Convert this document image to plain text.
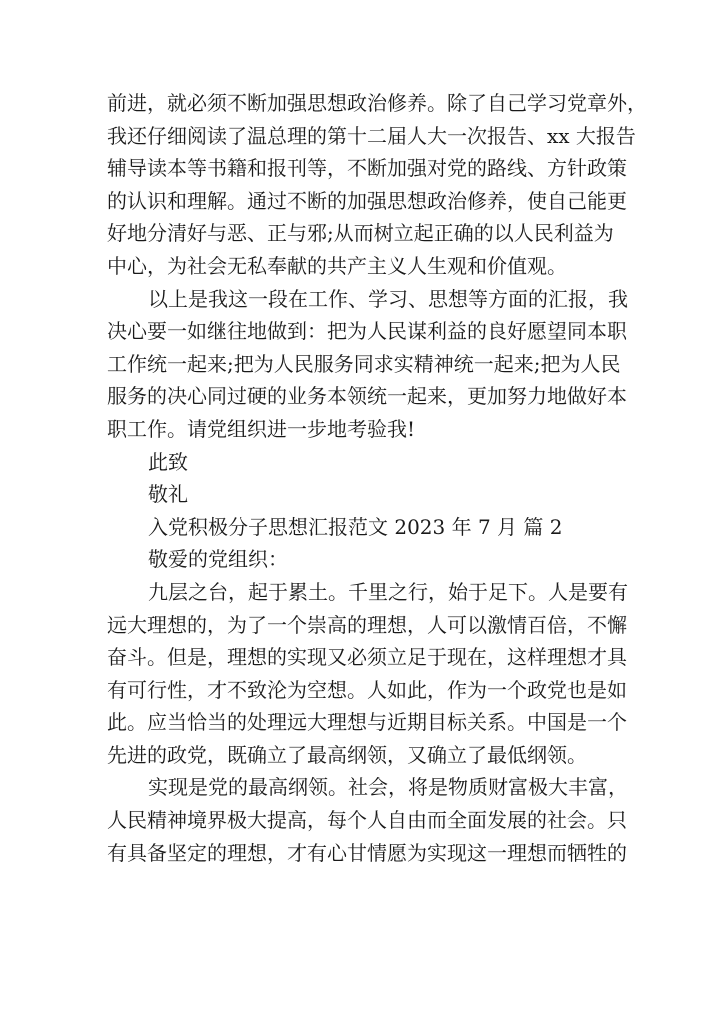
前进，就必须不断加强思想政治修养。除了自己学习党章外，
我还仔细阅读了温总理的第十二届人大一次报告、xx 大报告
辅导读本等书籍和报刊等，不断加强对党的路线、方针政策
的认识和理解。通过不断的加强思想政治修养，使自己能更
好地分清好与恶、正与邪;从而树立起正确的以人民利益为
中心，为社会无私奉献的共产主义人生观和价值观。
以上是我这一段在工作、学习、思想等方面的汇报，我
决心要一如继往地做到：把为人民谋利益的良好愿望同本职
工作统一起来;把为人民服务同求实精神统一起来;把为人民
服务的决心同过硬的业务本领统一起来，更加努力地做好本
职工作。请党组织进一步地考验我!
此致
敬礼
入党积极分子思想汇报范文 2023 年 7 月 篇 2
敬爱的党组织：
九层之台，起于累土。千里之行，始于足下。人是要有
远大理想的，为了一个崇高的理想，人可以激情百倍，不懈
奋斗。但是，理想的实现又必须立足于现在，这样理想才具
有可行性，才不致沦为空想。人如此，作为一个政党也是如
此。应当恰当的处理远大理想与近期目标关系。中国是一个
先进的政党，既确立了最高纲领，又确立了最低纲领。
实现是党的最高纲领。社会，将是物质财富极大丰富，
人民精神境界极大提高，每个人自由而全面发展的社会。只
有具备坚定的理想，才有心甘情愿为实现这一理想而牺牲的
